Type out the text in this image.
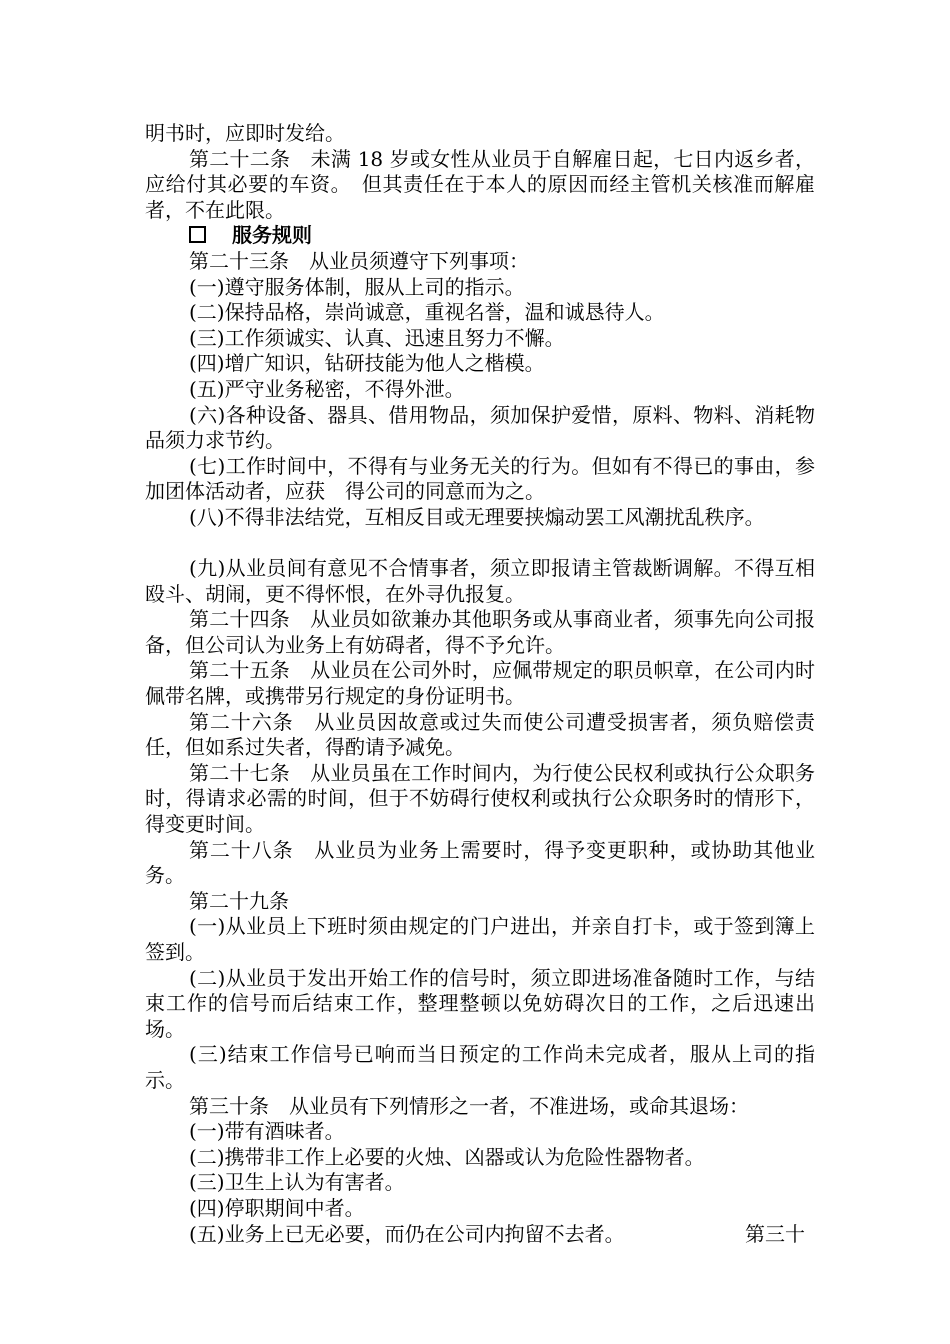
明书时，应即时发给。

第二十二条　未满 18 岁或女性从业员于自解雇日起，七日内返乡者，应给付其必要的车资。　但其责任在于本人的原因而经主管机关核准而解雇者，不在此限。

服务规则

第二十三条　从业员须遵守下列事项：

(一)遵守服务体制，服从上司的指示。

(二)保持品格，崇尚诚意，重视名誉，温和诚恳待人。

(三)工作须诚实、认真、迅速且努力不懈。

(四)增广知识，钻研技能为他人之楷模。

(五)严守业务秘密，不得外泄。

(六)各种设备、器具、借用物品，须加保护爱惜，原料、物料、消耗物品须力求节约。

(七)工作时间中，不得有与业务无关的行为。但如有不得已的事由，参加团体活动者，应获　得公司的同意而为之。

(八)不得非法结党，互相反目或无理要挟煽动罢工风潮扰乱秩序。

(九)从业员间有意见不合情事者，须立即报请主管裁断调解。不得互相殴斗、胡闹，更不得怀恨，在外寻仇报复。

第二十四条　从业员如欲兼办其他职务或从事商业者，须事先向公司报备，但公司认为业务上有妨碍者，得不予允许。

第二十五条　从业员在公司外时，应佩带规定的职员帜章，在公司内时佩带名牌，或携带另行规定的身份证明书。

第二十六条　从业员因故意或过失而使公司遭受损害者，须负赔偿责任，但如系过失者，得酌请予减免。

第二十七条　从业员虽在工作时间内，为行使公民权利或执行公众职务时，得请求必需的时间，但于不妨碍行使权利或执行公众职务时的情形下，得变更时间。

第二十八条　从业员为业务上需要时，得予变更职种，或协助其他业务。

第二十九条

(一)从业员上下班时须由规定的门户进出，并亲自打卡，或于签到簿上签到。

(二)从业员于发出开始工作的信号时，须立即进场准备随时工作，与结束工作的信号而后结束工作，整理整顿以免妨碍次日的工作，之后迅速出场。

(三)结束工作信号已响而当日预定的工作尚未完成者，服从上司的指示。

第三十条　从业员有下列情形之一者，不准进场，或命其退场：

(一)带有酒味者。

(二)携带非工作上必要的火烛、凶器或认为危险性器物者。

(三)卫生上认为有害者。

(四)停职期间中者。

(五)业务上已无必要，而仍在公司内拘留不去者。	第三十
